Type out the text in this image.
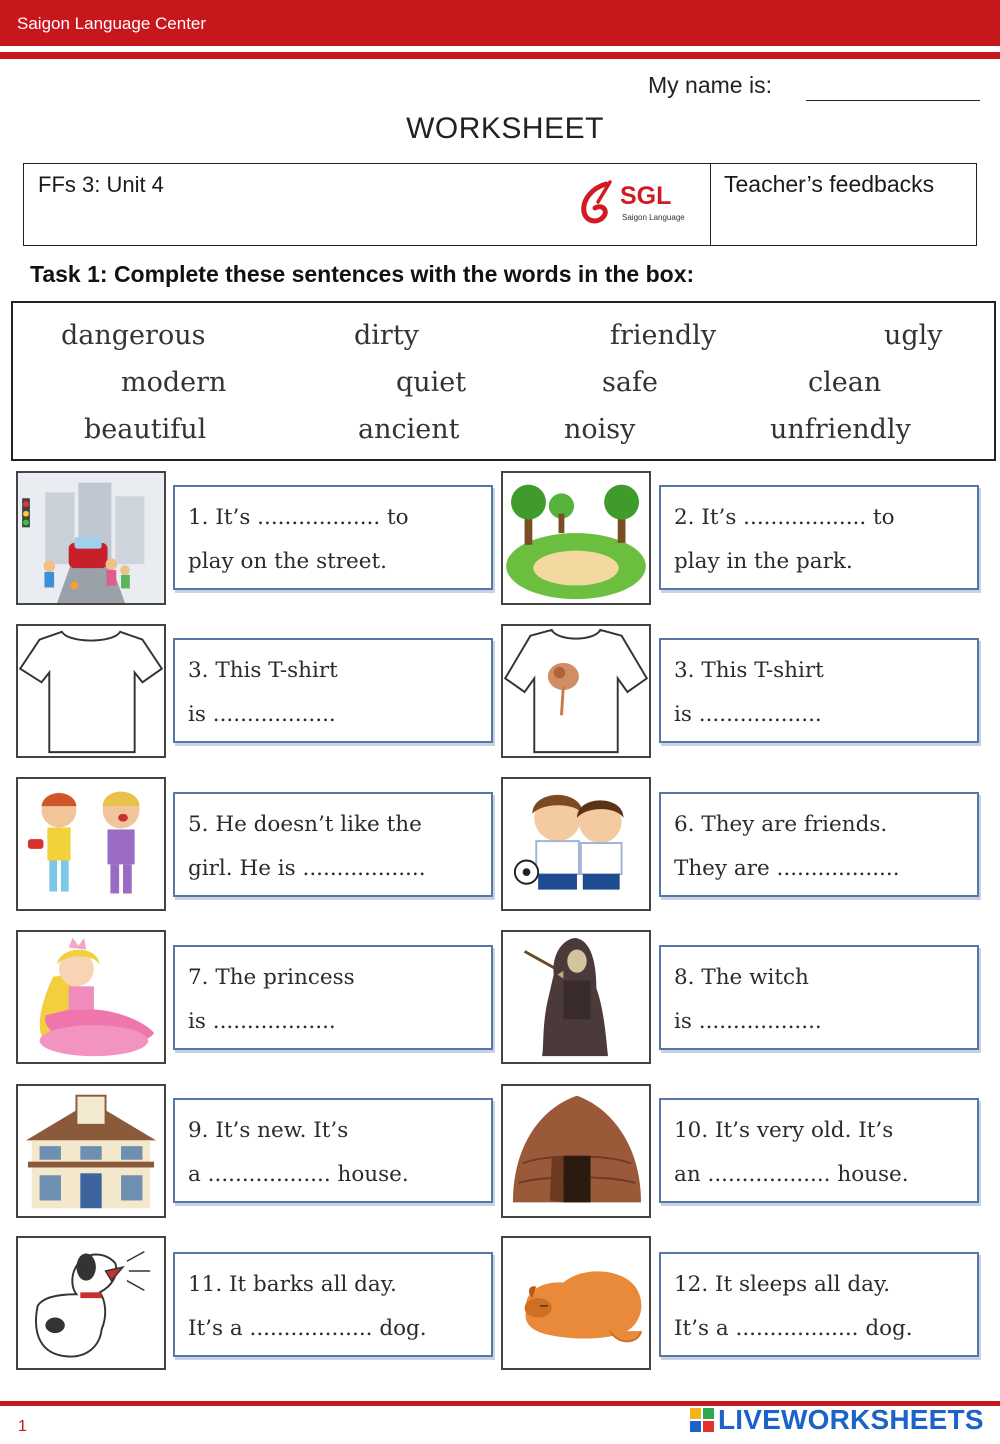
Saigon Language Center
My name is:
WORKSHEET
FFs 3: Unit 4	SGL
Saigon Language
Teacher’s feedbacks
Task 1: Complete these sentences with the words in the box:
dangerous	dirty	friendly	ugly
modern	quiet	safe	clean
beautiful	ancient	noisy	unfriendly
1. It’s .................. to
play on the street.
2. It’s .................. to
play in the park.
3. This T-shirt
is ..................
3. This T-shirt
is ..................
5. He doesn’t like the
girl. He is ..................
6. They are friends.
They are ..................
7. The princess
is ..................
8. The witch
is ..................
9. It’s new. It’s
a .................. house.
10. It’s very old. It’s
an .................. house.
11. It barks all day.
It’s a .................. dog.
12. It sleeps all day.
It’s a .................. dog.
1	LIVEWORKSHEETS
